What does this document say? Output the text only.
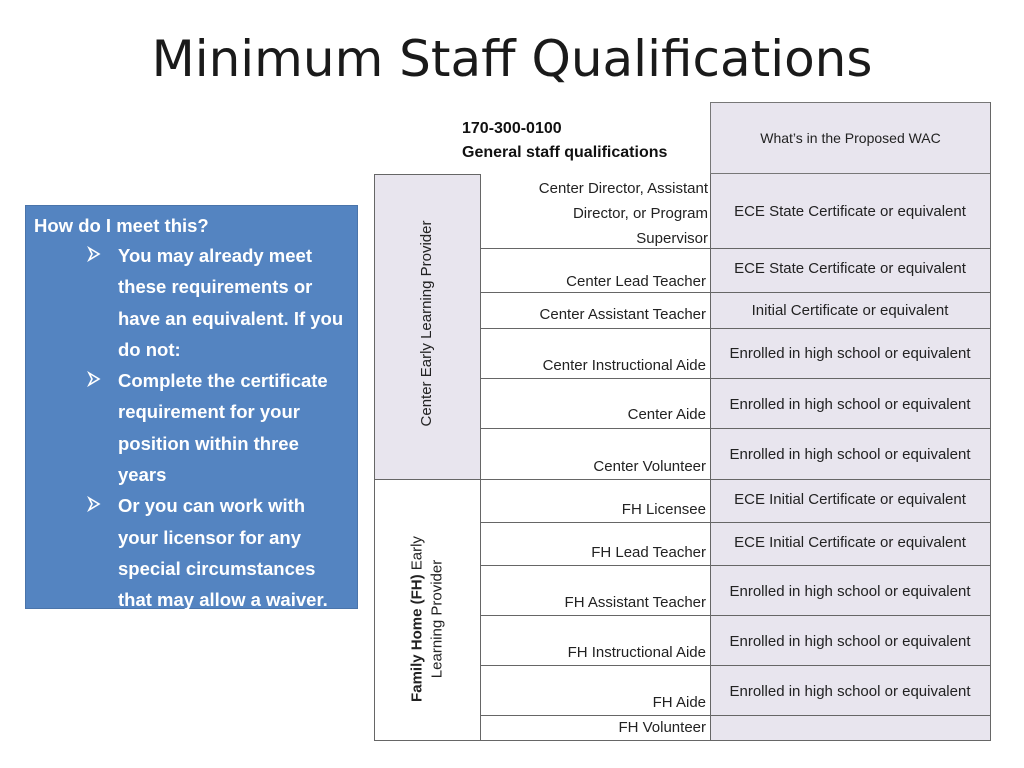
Minimum Staff Qualifications
How do I meet this?
You may already meet these requirements or have an equivalent. If you do not:
Complete the certificate requirement for your position within three years
Or you can work with your licensor for any special circumstances that may allow a waiver.
170-300-0100
General staff qualifications
What’s in the Proposed WAC
Center Early Learning Provider
Family Home (FH) Early
Learning Provider
Center Director, Assistant Director, or Program Supervisor
ECE State Certificate or equivalent
Center Lead Teacher
ECE State Certificate or equivalent
Center Assistant Teacher	Initial Certificate or equivalent
Center Instructional Aide
Enrolled in high school or equivalent
Center Aide
Enrolled in high school or equivalent
Center Volunteer
Enrolled in high school or equivalent
FH Licensee
ECE Initial Certificate or equivalent
FH Lead Teacher
ECE Initial Certificate or equivalent
FH Assistant Teacher
Enrolled in high school or equivalent
FH Instructional Aide
Enrolled in high school or equivalent
FH Aide
Enrolled in high school or equivalent
FH Volunteer
